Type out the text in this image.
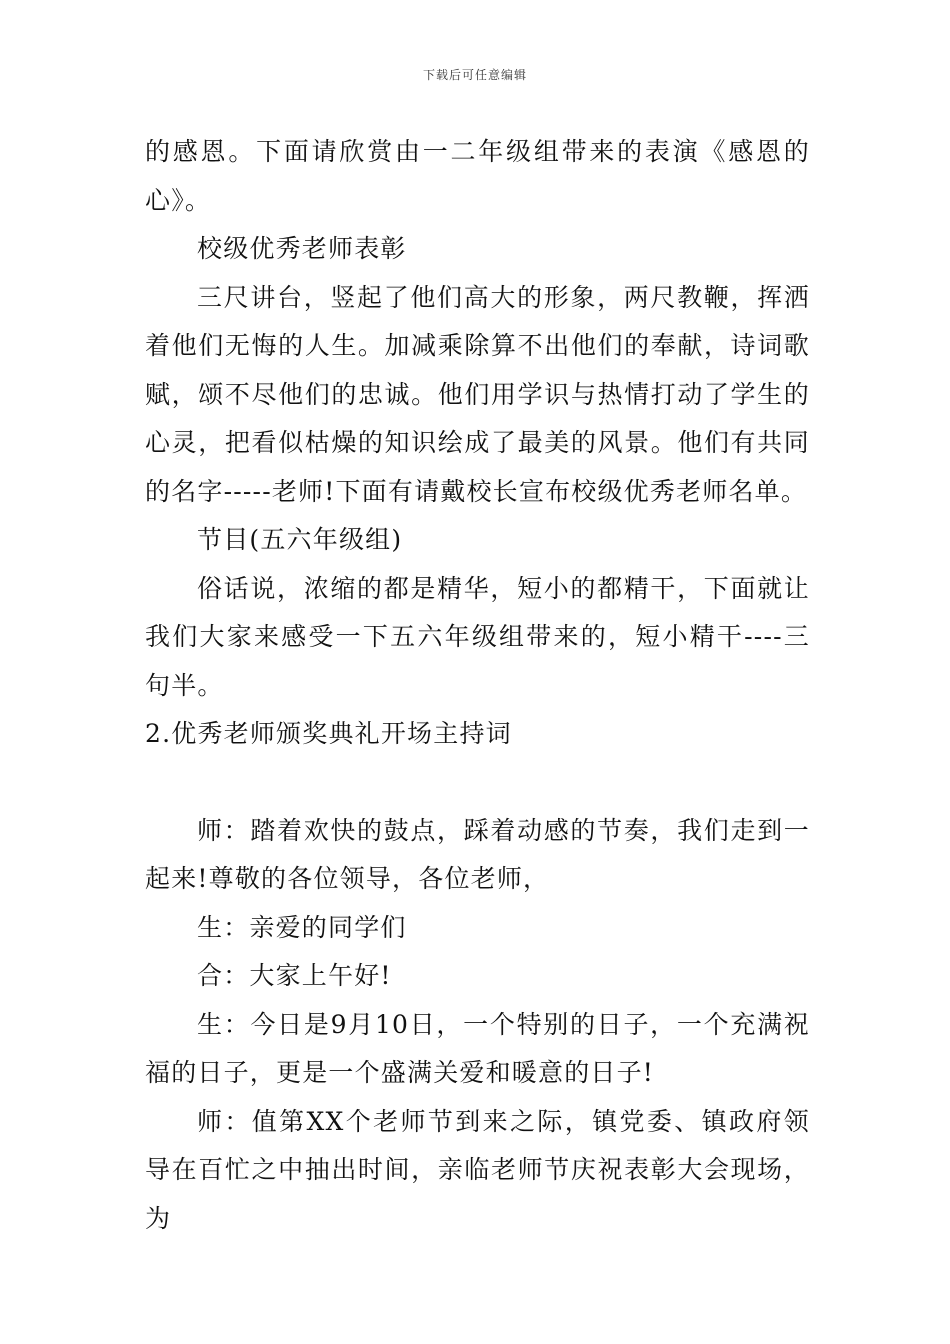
下载后可任意编辑

的感恩。下面请欣赏由一二年级组带来的表演《感恩的心》。

校级优秀老师表彰

三尺讲台，竖起了他们高大的形象，两尺教鞭，挥洒着他们无悔的人生。加减乘除算不出他们的奉献，诗词歌赋，颂不尽他们的忠诚。他们用学识与热情打动了学生的心灵，把看似枯燥的知识绘成了最美的风景。他们有共同的名字-----老师!下面有请戴校长宣布校级优秀老师名单。

节目(五六年级组)

俗话说，浓缩的都是精华，短小的都精干，下面就让我们大家来感受一下五六年级组带来的，短小精干----三句半。

2.优秀老师颁奖典礼开场主持词

师：踏着欢快的鼓点，踩着动感的节奏，我们走到一起来!尊敬的各位领导，各位老师，

生：亲爱的同学们

合：大家上午好!

生：今日是9月10日，一个特别的日子，一个充满祝福的日子，更是一个盛满关爱和暖意的日子!

师：值第XX个老师节到来之际，镇党委、镇政府领导在百忙之中抽出时间，亲临老师节庆祝表彰大会现场，为
